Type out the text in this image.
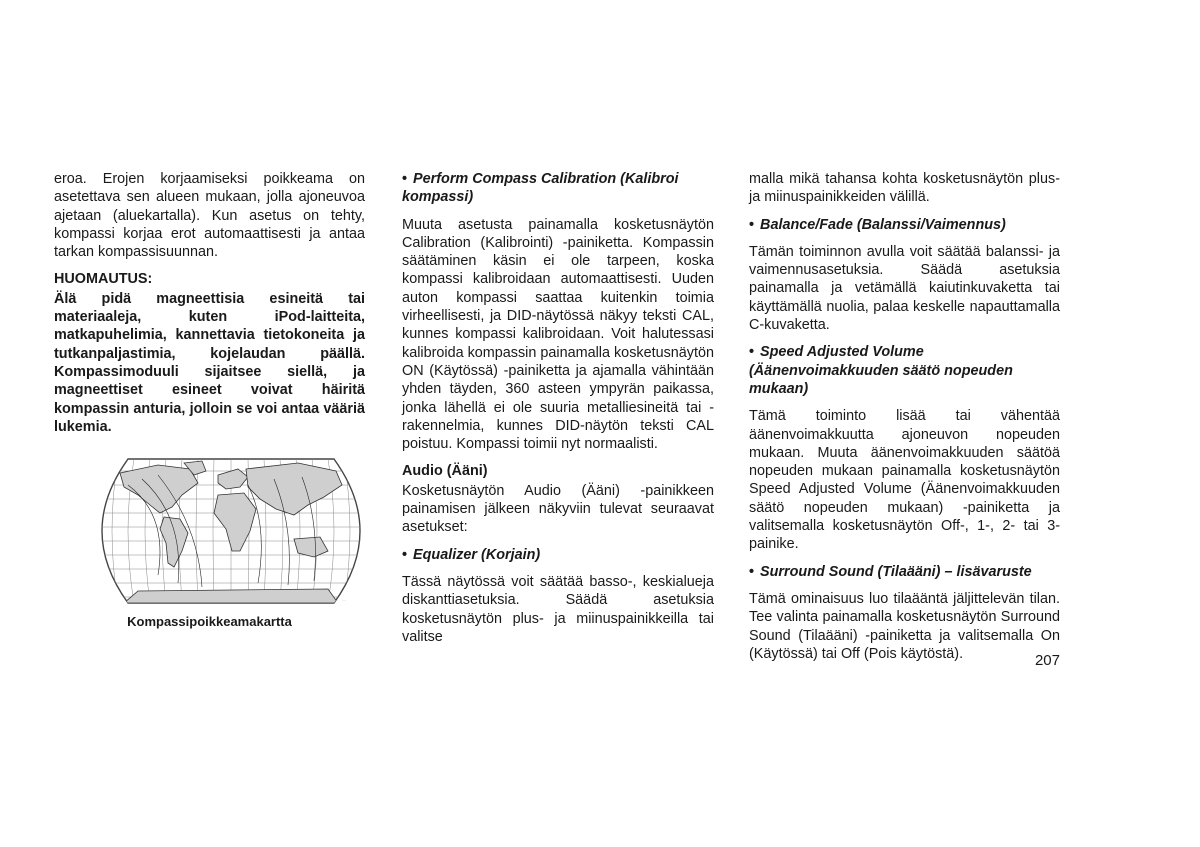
eroa. Erojen korjaamiseksi poikkeama on asetettava sen alueen mukaan, jolla ajoneuvoa ajetaan (aluekartalla). Kun asetus on tehty, kompassi korjaa erot automaattisesti ja antaa tarkan kompassisuunnan.

HUOMAUTUS:

Älä pidä magneettisia esineitä tai materiaaleja, kuten iPod-laitteita, matkapuhelimia, kannettavia tietokoneita ja tutkanpaljastimia, kojelaudan päällä. Kompassimoduuli sijaitsee siellä, ja magneettiset esineet voivat häiritä kompassin anturia, jolloin se voi antaa vääriä lukemia.

····
Kompassipoikkeamakartta
• Perform Compass Calibration (Kalibroi kompassi)

Muuta asetusta painamalla kosketusnäytön Calibration (Kalibrointi) -painiketta. Kompassin säätäminen käsin ei ole tarpeen, koska kompassi kalibroidaan automaattisesti. Uuden auton kompassi saattaa kuitenkin toimia virheellisesti, ja DID-näytössä näkyy teksti CAL, kunnes kompassi kalibroidaan. Voit halutessasi kalibroida kompassin painamalla kosketusnäytön ON (Käytössä) -painiketta ja ajamalla vähintään yhden täyden, 360 asteen ympyrän paikassa, jonka lähellä ei ole suuria metalliesineitä tai -rakennelmia, kunnes DID-näytön teksti CAL poistuu. Kompassi toimii nyt normaalisti.

Audio (Ääni)

Kosketusnäytön Audio (Ääni) -painikkeen painamisen jälkeen näkyviin tulevat seuraavat asetukset:

• Equalizer (Korjain)

Tässä näytössä voit säätää basso-, keskialueja diskanttiasetuksia. Säädä asetuksia kosketusnäytön plus- ja miinuspainikkeilla tai valitse

malla mikä tahansa kohta kosketusnäytön plus- ja miinuspainikkeiden välillä.

• Balance/Fade (Balanssi/Vaimennus)

Tämän toiminnon avulla voit säätää balanssi- ja vaimennusasetuksia. Säädä asetuksia painamalla ja vetämällä kaiutinkuvaketta tai käyttämällä nuolia, palaa keskelle napauttamalla C-kuvaketta.

• Speed Adjusted Volume (Äänenvoimakkuuden säätö nopeuden mukaan)

Tämä toiminto lisää tai vähentää äänenvoimakkuutta ajoneuvon nopeuden mukaan. Muuta äänenvoimakkuuden säätöä nopeuden mukaan painamalla kosketusnäytön Speed Adjusted Volume (Äänenvoimakkuuden säätö nopeuden mukaan) -painiketta ja valitsemalla kosketusnäytön Off-, 1-, 2- tai 3-painike.

• Surround Sound (Tilaääni) – lisävaruste

Tämä ominaisuus luo tilaääntä jäljittelevän tilan. Tee valinta painamalla kosketusnäytön Surround Sound (Tilaääni) -painiketta ja valitsemalla On (Käytössä) tai Off (Pois käytöstä).	207
